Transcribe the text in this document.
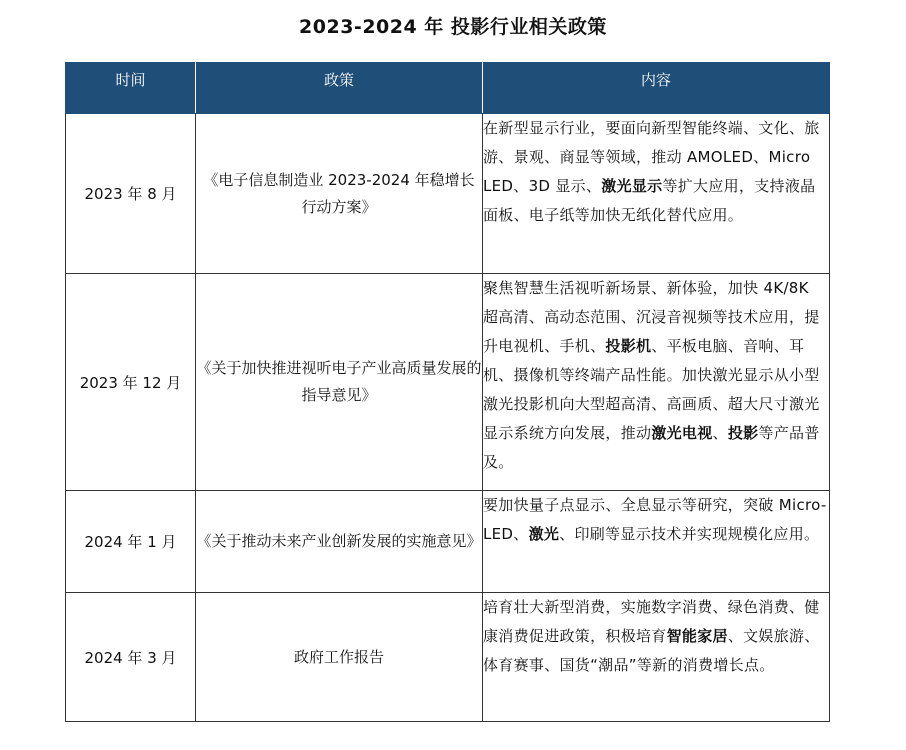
2023-2024 年 投影行业相关政策
时间	政策	内容
2023 年 8 月	《电子信息制造业 2023-2024 年稳增长行动方案》	在新型显示行业，要面向新型智能终端、文化、旅游、景观、商显等领域，推动 AMOLED、Micro LED、3D 显示、激光显示等扩大应用，支持液晶面板、电子纸等加快无纸化替代应用。
2023 年 12 月	《关于加快推进视听电子产业高质量发展的指导意见》	聚焦智慧生活视听新场景、新体验，加快 4K/8K 超高清、高动态范围、沉浸音视频等技术应用，提升电视机、手机、投影机、平板电脑、音响、耳机、摄像机等终端产品性能。加快激光显示从小型激光投影机向大型超高清、高画质、超大尺寸激光显示系统方向发展，推动激光电视、投影等产品普及。
2024 年 1 月	《关于推动未来产业创新发展的实施意见》	要加快量子点显示、全息显示等研究，突破 Micro-LED、激光、印刷等显示技术并实现规模化应用。
2024 年 3 月	政府工作报告	培育壮大新型消费，实施数字消费、绿色消费、健康消费促进政策，积极培育智能家居、文娱旅游、体育赛事、国货“潮品”等新的消费增长点。
